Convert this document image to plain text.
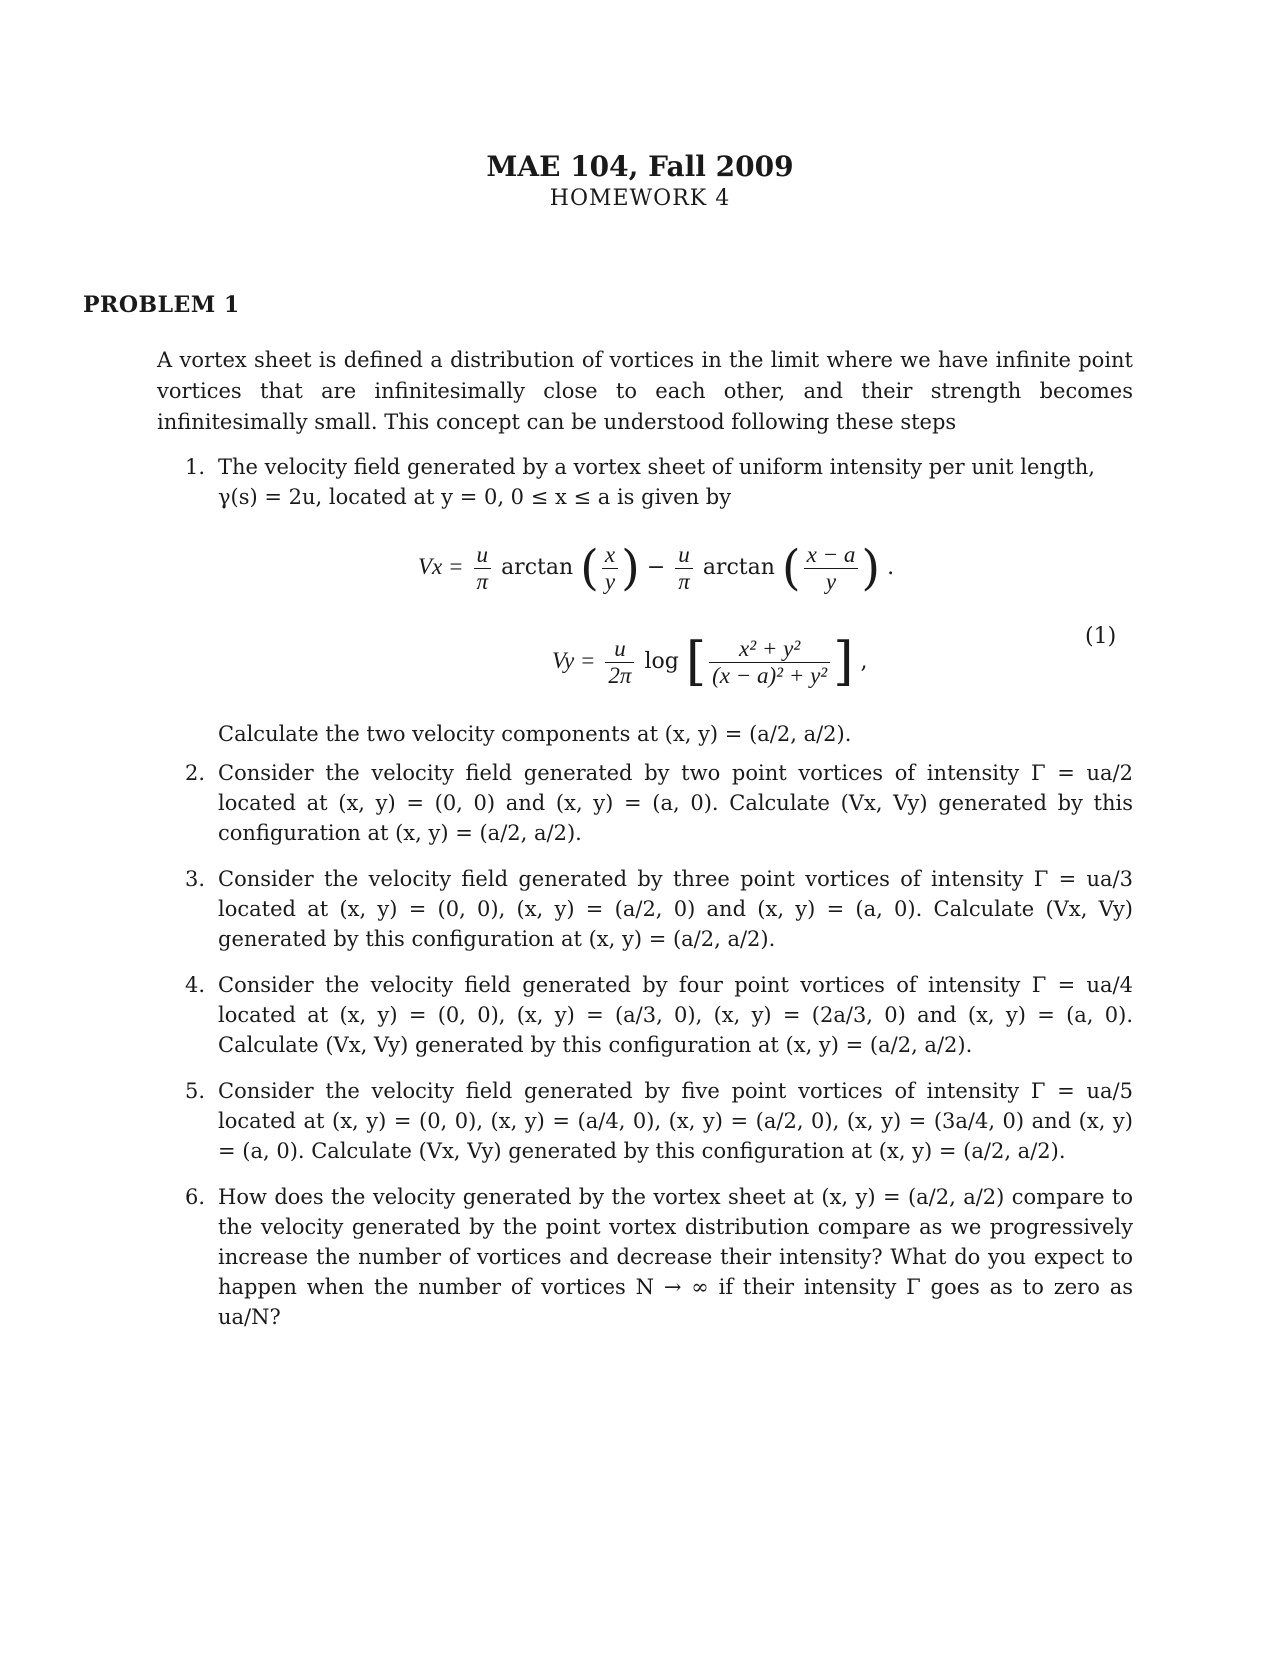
MAE 104, Fall 2009
HOMEWORK 4
PROBLEM 1
A vortex sheet is defined a distribution of vortices in the limit where we have infinite point vortices that are infinitesimally close to each other, and their strength becomes infinitesimally small. This concept can be understood following these steps
1. The velocity field generated by a vortex sheet of uniform intensity per unit length,
γ(s) = 2u, located at y = 0, 0 ≤ x ≤ a is given by
$Vx = \frac{u}{\pi}$ arctan ( $\frac{x}{y}$ ) − $\frac{u}{\pi}$ arctan ( $\frac{x - a}{y}$ ) .
(1)
$Vy = \frac{u}{2\pi}$ log [ $\frac{\text{x² + y²}}{\text{(x − a)² + y²}}$ ] ,
Calculate the two velocity components at (x, y) = (a/2, a/2).
2. Consider the velocity field generated by two point vortices of intensity Γ = ua/2 located at (x, y) = (0, 0) and (x, y) = (a, 0). Calculate (Vx, Vy) generated by this configuration at (x, y) = (a/2, a/2).
3. Consider the velocity field generated by three point vortices of intensity Γ = ua/3 located at (x, y) = (0, 0), (x, y) = (a/2, 0) and (x, y) = (a, 0). Calculate (Vx, Vy) generated by this configuration at (x, y) = (a/2, a/2).
4. Consider the velocity field generated by four point vortices of intensity Γ = ua/4 located at (x, y) = (0, 0), (x, y) = (a/3, 0), (x, y) = (2a/3, 0) and (x, y) = (a, 0). Calculate (Vx, Vy) generated by this configuration at (x, y) = (a/2, a/2).
5. Consider the velocity field generated by five point vortices of intensity Γ = ua/5 located at (x, y) = (0, 0), (x, y) = (a/4, 0), (x, y) = (a/2, 0), (x, y) = (3a/4, 0) and (x, y) = (a, 0). Calculate (Vx, Vy) generated by this configuration at (x, y) = (a/2, a/2).
6. How does the velocity generated by the vortex sheet at (x, y) = (a/2, a/2) compare to the velocity generated by the point vortex distribution compare as we progressively increase the number of vortices and decrease their intensity? What do you expect to happen when the number of vortices N → ∞ if their intensity Γ goes as to zero as ua/N?
